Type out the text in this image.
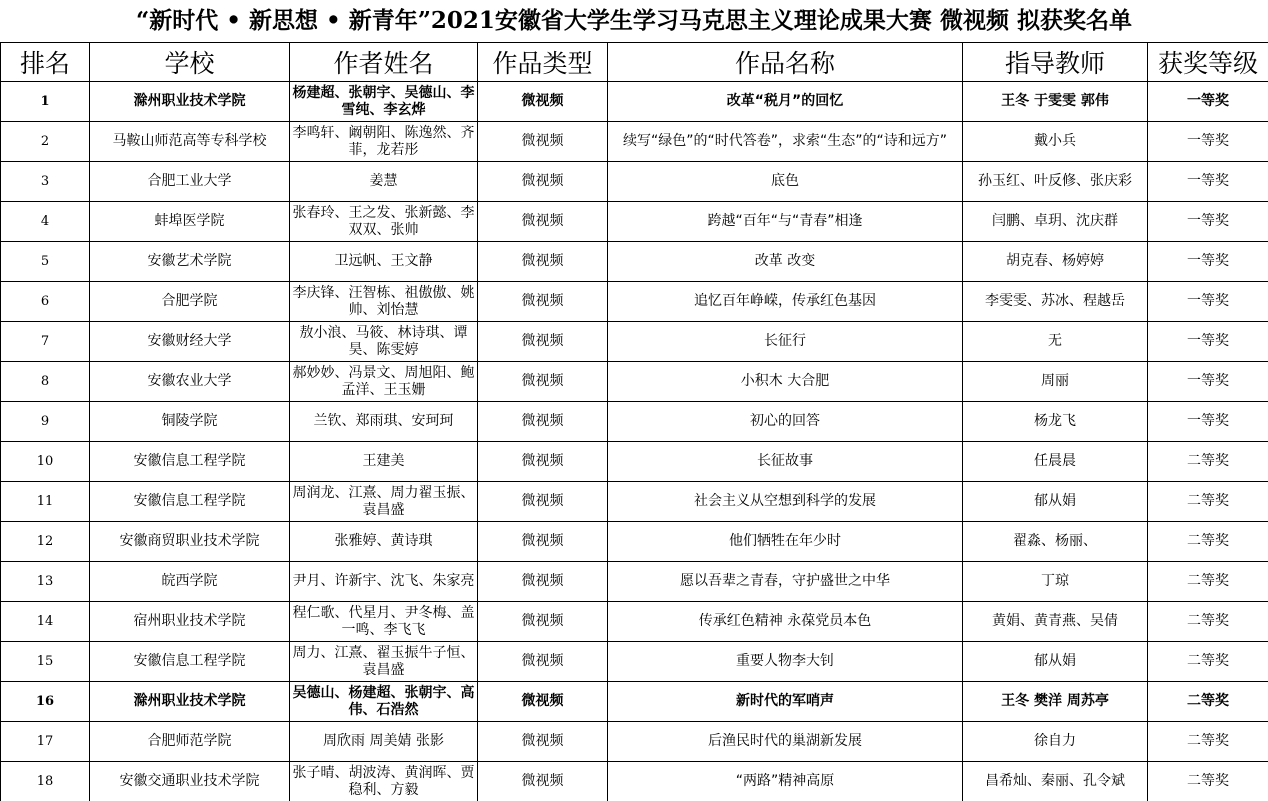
“新时代 • 新思想 • 新青年”2021安徽省大学生学习马克思主义理论成果大赛 微视频 拟获奖名单
排名	学校	作者姓名	作品类型	作品名称	指导教师	获奖等级
1	滁州职业技术学院	杨建超、张朝宇、吴德山、李雪纯、李玄烨	微视频	改革“税月”的回忆	王冬 于雯雯 郭伟	一等奖
2	马鞍山师范高等专科学校	李鸣轩、阚朝阳、陈逸然、齐菲，龙若彤	微视频	续写“绿色”的“时代答卷”，求索“生态”的“诗和远方”	戴小兵	一等奖
3	合肥工业大学	姜慧	微视频	底色	孙玉红、叶反修、张庆彩	一等奖
4	蚌埠医学院	张春玲、王之发、张新懿、李双双、张帅	微视频	跨越“百年“与“青春”相逢	闫鹏、卓玥、沈庆群	一等奖
5	安徽艺术学院	卫远帆、王文静	微视频	改革 改变	胡克春、杨婷婷	一等奖
6	合肥学院	李庆锋、汪智栋、祖傲傲、姚帅、刘怡慧	微视频	追忆百年峥嵘，传承红色基因	李雯雯、苏冰、程越岳	一等奖
7	安徽财经大学	敖小浪、马筱、林诗琪、谭昊、陈雯婷	微视频	长征行	无	一等奖
8	安徽农业大学	郝妙妙、冯景文、周旭阳、鲍孟洋、王玉姗	微视频	小积木 大合肥	周丽	一等奖
9	铜陵学院	兰钦、郑雨琪、安珂珂	微视频	初心的回答	杨龙飞	一等奖
10	安徽信息工程学院	王建美	微视频	长征故事	任晨晨	二等奖
11	安徽信息工程学院	周润龙、江熹、周力翟玉振、袁昌盛	微视频	社会主义从空想到科学的发展	郁从娟	二等奖
12	安徽商贸职业技术学院	张雅婷、黄诗琪	微视频	他们牺牲在年少时	翟淼、杨丽、	二等奖
13	皖西学院	尹月、许新宇、沈飞、朱家亮	微视频	愿以吾辈之青春，守护盛世之中华	丁琼	二等奖
14	宿州职业技术学院	程仁歌、代星月、尹冬梅、盖一鸣、李飞飞	微视频	传承红色精神 永葆党员本色	黄娟、黄青燕、吴倩	二等奖
15	安徽信息工程学院	周力、江熹、翟玉振牛子恒、袁昌盛	微视频	重要人物李大钊	郁从娟	二等奖
16	滁州职业技术学院	吴德山、杨建超、张朝宇、高伟、石浩然	微视频	新时代的军哨声	王冬 樊洋 周苏亭	二等奖
17	合肥师范学院	周欣雨 周美婧 张影	微视频	后渔民时代的巢湖新发展	徐自力	二等奖
18	安徽交通职业技术学院	张子晴、胡波涛、黄润晖、贾稳利、方毅	微视频	“两路”精神高原	昌希灿、秦丽、孔令斌	二等奖
